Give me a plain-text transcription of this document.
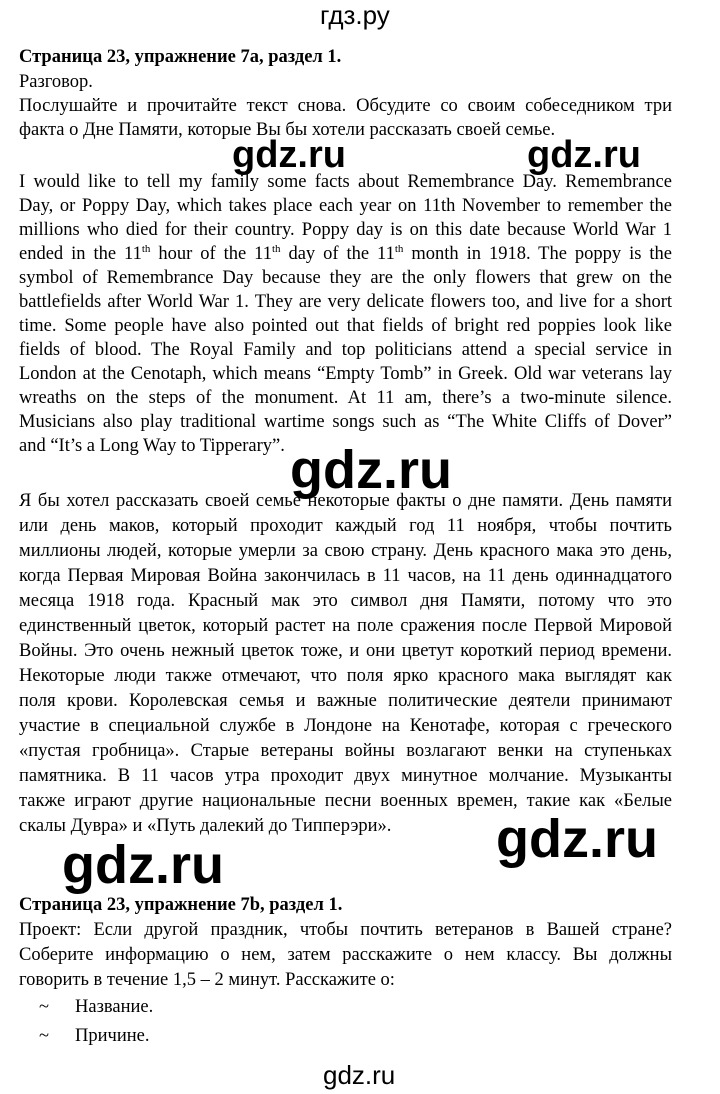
гдз.ру
gdz.ru	gdz.ru
gdz.ru
gdz.ru
gdz.ru
gdz.ru
Страница 23, упражнение 7a, раздел 1.
Разговор.
Послушайте и прочитайте текст снова. Обсудите со своим собеседником три
факта о Дне Памяти, которые Вы бы хотели рассказать своей семье.
I would like to tell my family some facts about Remembrance Day. Remembrance
Day, or Poppy Day, which takes place each year on 11th November to remember the
millions who died for their country. Poppy day is on this date because World War 1
ended in the 11th hour of the 11th day of the 11th month in 1918. The poppy is the
symbol of Remembrance Day because they are the only flowers that grew on the
battlefields after World War 1. They are very delicate flowers too, and live for a short
time. Some people have also pointed out that fields of bright red poppies look like
fields of blood. The Royal Family and top politicians attend a special service in
London at the Cenotaph, which means “Empty Tomb” in Greek. Old war veterans lay
wreaths on the steps of the monument. At 11 am, there’s a two-minute silence.
Musicians also play traditional wartime songs such as “The White Cliffs of Dover”
and “It’s a Long Way to Tipperary”.
Я бы хотел рассказать своей семье некоторые факты о дне памяти. День памяти
или день маков, который проходит каждый год 11 ноября, чтобы почтить
миллионы людей, которые умерли за свою страну. День красного мака это день,
когда Первая Мировая Война закончилась в 11 часов, на 11 день одиннадцатого
месяца 1918 года. Красный мак это символ дня Памяти, потому что это
единственный цветок, который растет на поле сражения после Первой Мировой
Войны. Это очень нежный цветок тоже, и они цветут короткий период времени.
Некоторые люди также отмечают, что поля ярко красного мака выглядят как
поля крови. Королевская семья и важные политические деятели принимают
участие в специальной службе в Лондоне на Кенотафе, которая с греческого
«пустая гробница». Старые ветераны войны возлагают венки на ступеньках
памятника. В 11 часов утра проходит двух минутное молчание. Музыканты
также играют другие национальные песни военных времен, такие как «Белые
скалы Дувра» и «Путь далекий до Типперэри».
Страница 23, упражнение 7b, раздел 1.
Проект: Если другой праздник, чтобы почтить ветеранов в Вашей стране?
Соберите информацию о нем, затем расскажите о нем классу. Вы должны
говорить в течение 1,5 – 2 минут. Расскажите о:
~ Название.
~ Причине.
